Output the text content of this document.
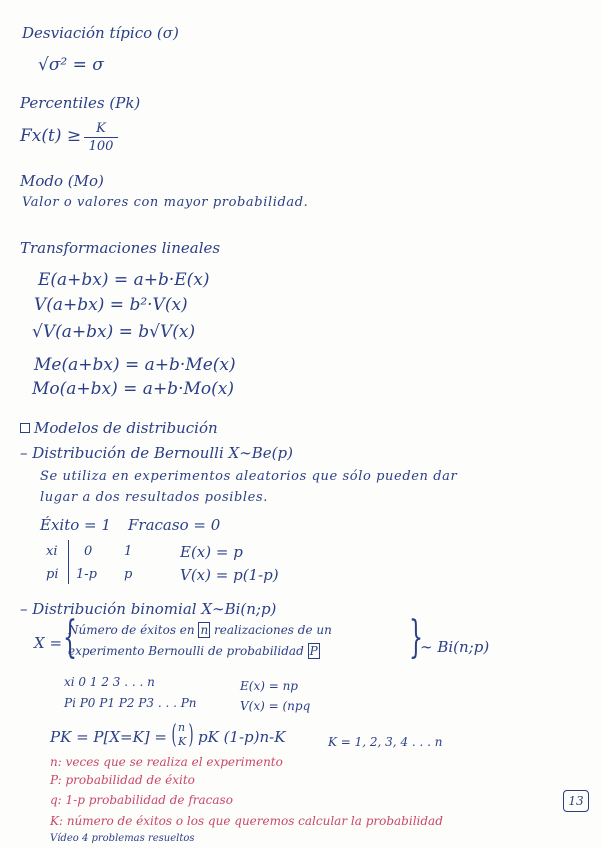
Desviación típico (σ)
√σ² = σ
Percentiles (Pk)
Fx(t) ≥	K
100
Modo (Mo)
Valor o valores con mayor probabilidad.
Transformaciones lineales
E(a+bx) = a+b·E(x)
V(a+bx) = b²·V(x)
√V(a+bx) = b√V(x)
Me(a+bx) = a+b·Me(x)
Mo(a+bx) = a+b·Mo(x)
Modelos de distribución
– Distribución de Bernoulli X∼Be(p)
Se utiliza en experimentos aleatorios que sólo pueden dar
lugar a dos resultados posibles.
Éxito = 1 Fracaso = 0
xi 0 1
pi 1-p p
E(x) = p
V(x) = p(1-p)
– Distribución binomial X∼Bi(n;p)
X = {
Número de éxitos en n realizaciones de un
experimento Bernoulli de probabilidad P }
∼ Bi(n;p)
xi 0 1 2 3 . . . n	E(x) = np
Pi P0 P1 P2 P3 . . . Pn	V(x) = (npq
PK = P[X=K] = ( n
K ) pK (1-p)n-K	K = 1, 2, 3, 4 . . . n
n: veces que se realiza el experimento
P: probabilidad de éxito
q: 1-p probabilidad de fracaso
K: número de éxitos o los que queremos calcular la probabilidad
Vídeo 4 problemas resueltos
13
